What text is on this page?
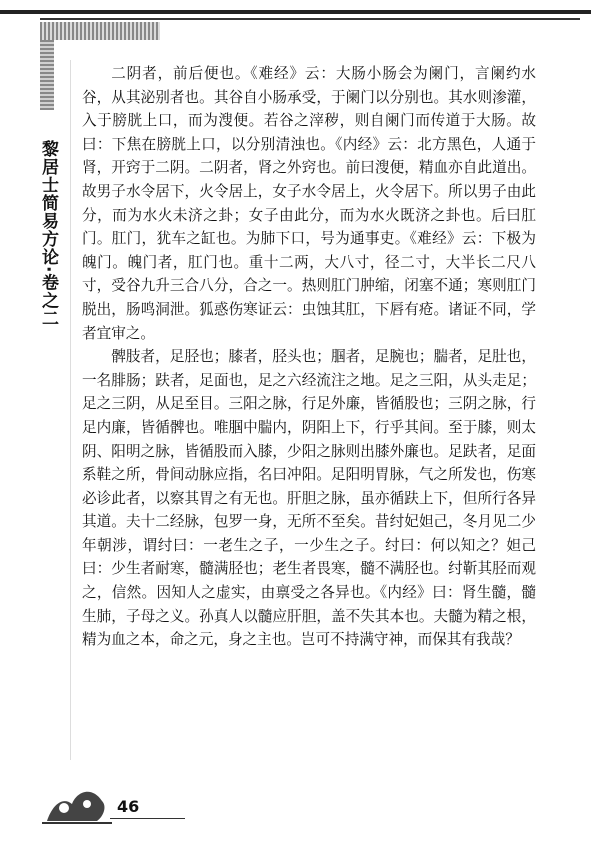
黎居士简易方论·卷之二

二阴者，前后便也。《难经》云：大肠小肠会为阑门，言阑约水谷，从其泌别者也。其谷自小肠承受，于阑门以分别也。其水则渗灌，入于膀胱上口，而为溲便。若谷之滓秽，则自阑门而传道于大肠。故曰：下焦在膀胱上口，以分别清浊也。《内经》云：北方黑色，人通于肾，开窍于二阴。二阴者，肾之外窍也。前曰溲便，精血亦自此道出。故男子水令居下，火令居上，女子水令居上，火令居下。所以男子由此分，而为水火未济之卦；女子由此分，而为水火既济之卦也。后曰肛门。肛门，犹车之缸也。为肺下口，号为通事吏。《难经》云：下极为魄门。魄门者，肛门也。重十二两，大八寸，径二寸，大半长二尺八寸，受谷九升三合八分，合之一。热则肛门肿缩，闭塞不通；寒则肛门脱出，肠鸣洞泄。狐惑伤寒证云：虫蚀其肛，下唇有疮。诸证不同，学者宜审之。

髀肢者，足胫也；膝者，胫头也；腘者，足腕也；腨者，足肚也，一名腓肠；趺者，足面也，足之六经流注之地。足之三阳，从头走足；足之三阴，从足至目。三阳之脉，行足外廉，皆循股也；三阴之脉，行足内廉，皆循髀也。唯腘中腨内，阴阳上下，行乎其间。至于膝，则太阴、阳明之脉，皆循股而入膝，少阳之脉则出膝外廉也。足趺者，足面系鞋之所，骨间动脉应指，名曰冲阳。足阳明胃脉，气之所发也，伤寒必诊此者，以察其胃之有无也。肝胆之脉，虽亦循趺上下，但所行各异其道。夫十二经脉，包罗一身，无所不至矣。昔纣妃妲己，冬月见二少年朝涉，谓纣曰：一老生之子，一少生之子。纣曰：何以知之？妲己曰：少生者耐寒，髓满胫也；老生者畏寒，髓不满胫也。纣靳其胫而观之，信然。因知人之虚实，由禀受之各异也。《内经》曰：肾生髓，髓生肺，子母之义。孙真人以髓应肝胆，盖不失其本也。夫髓为精之根，精为血之本，命之元，身之主也。岂可不持满守神，而保其有我哉？

46
